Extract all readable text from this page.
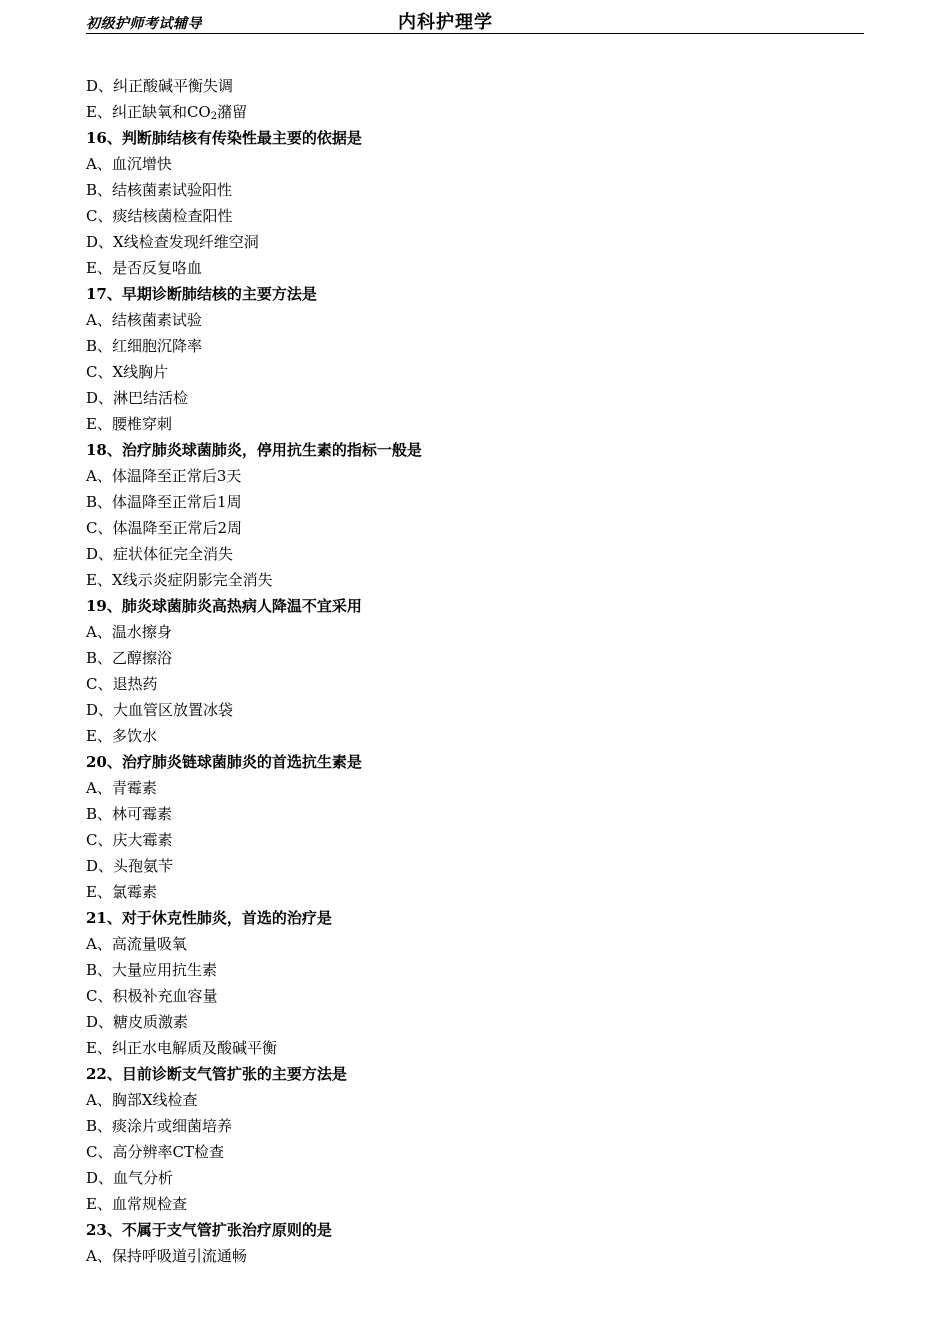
初级护师考试辅导	内科护理学
D、纠正酸碱平衡失调
E、纠正缺氧和$CO_2$潴留
16、判断肺结核有传染性最主要的依据是
A、血沉增快
B、结核菌素试验阳性
C、痰结核菌检查阳性
D、X线检查发现纤维空洞
E、是否反复咯血
17、早期诊断肺结核的主要方法是
A、结核菌素试验
B、红细胞沉降率
C、X线胸片
D、淋巴结活检
E、腰椎穿刺
18、治疗肺炎球菌肺炎，停用抗生素的指标一般是
A、体温降至正常后3天
B、体温降至正常后1周
C、体温降至正常后2周
D、症状体征完全消失
E、X线示炎症阴影完全消失
19、肺炎球菌肺炎高热病人降温不宜采用
A、温水擦身
B、乙醇擦浴
C、退热药
D、大血管区放置冰袋
E、多饮水
20、治疗肺炎链球菌肺炎的首选抗生素是
A、青霉素
B、林可霉素
C、庆大霉素
D、头孢氨苄
E、氯霉素
21、对于休克性肺炎，首选的治疗是
A、高流量吸氧
B、大量应用抗生素
C、积极补充血容量
D、糖皮质激素
E、纠正水电解质及酸碱平衡
22、目前诊断支气管扩张的主要方法是
A、胸部X线检查
B、痰涂片或细菌培养
C、高分辨率CT检查
D、血气分析
E、血常规检查
23、不属于支气管扩张治疗原则的是
A、保持呼吸道引流通畅
